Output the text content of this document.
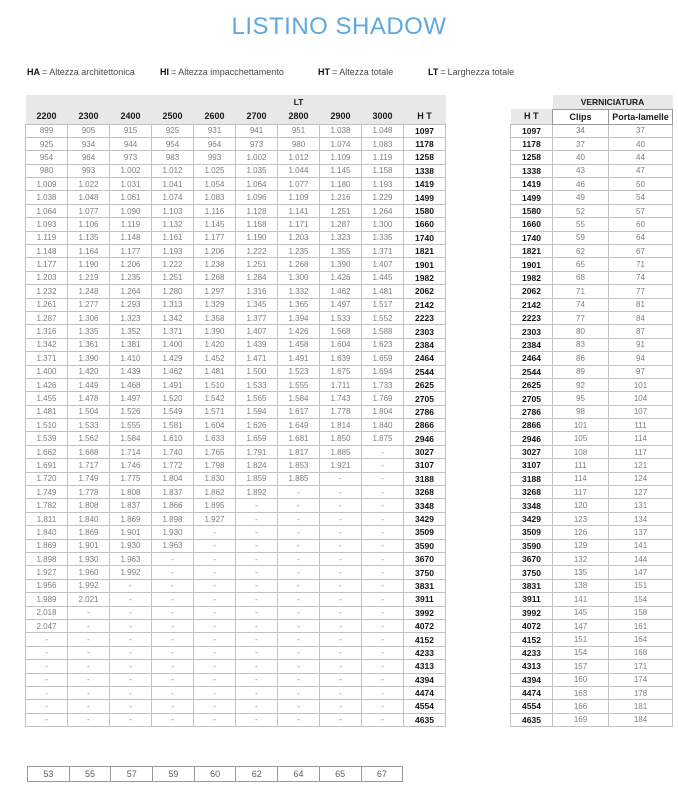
LISTINO SHADOW
HA = Altezza architettonica	HI = Altezza impacchettamento	HT = Altezza totale	LT = Larghezza totale
						LT			
2200	2300	2400	2500	2600	2700	2800	2900	3000	H T
899	905	915	925	931	941	951	1.038	1.048	1097
925	934	944	954	964	973	980	1.074	1.083	1178
954	964	973	983	993	1.002	1.012	1.109	1.119	1258
980	993	1.002	1.012	1.025	1.035	1.044	1.145	1.158	1338
1.009	1.022	1.031	1.041	1.054	1.064	1.077	1.180	1.193	1419
1.038	1.048	1.061	1.074	1.083	1.096	1.109	1.216	1.229	1499
1.064	1.077	1.090	1.103	1.116	1.128	1.141	1.251	1.264	1580
1.093	1.106	1.119	1.132	1.145	1.158	1.171	1.287	1.300	1660
1.119	1.135	1.148	1.161	1.177	1.190	1.203	1.323	1.335	1740
1.148	1.164	1.177	1.193	1.206	1.222	1.235	1.355	1.371	1821
1.177	1.190	1.206	1.222	1.238	1.251	1.268	1.390	1.407	1901
1.203	1.219	1.235	1.251	1.268	1.284	1.300	1.426	1.445	1982
1.232	1.248	1.264	1.280	1.297	1.316	1.332	1.462	1.481	2062
1.261	1.277	1.293	1.313	1.329	1.345	1.365	1.497	1.517	2142
1.287	1.306	1.323	1.342	1.358	1.377	1.394	1.533	1.552	2223
1.316	1.335	1.352	1.371	1.390	1.407	1.426	1.568	1.588	2303
1.342	1.361	1.381	1.400	1.420	1.439	1.458	1.604	1.623	2384
1.371	1.390	1.410	1.429	1.452	1.471	1.491	1.639	1.659	2464
1.400	1.420	1.439	1.462	1.481	1.500	1.523	1.675	1.694	2544
1.426	1.449	1.468	1.491	1.510	1.533	1.555	1.711	1.733	2625
1.455	1.478	1.497	1.520	1.542	1.565	1.584	1.743	1.769	2705
1.481	1.504	1.526	1.549	1.571	1.594	1.617	1.778	1.804	2786
1.510	1.533	1.555	1.581	1.604	1.626	1.649	1.814	1.840	2866
1.539	1.562	1.584	1.610	1.633	1.659	1.681	1.850	1.875	2946
1.662	1.688	1.714	1.740	1.765	1.791	1.817	1.885	-	3027
1.691	1.717	1.746	1.772	1.798	1.824	1.853	1.921	-	3107
1.720	1.749	1.775	1.804	1.830	1.859	1.885	-	-	3188
1.749	1.778	1.808	1.837	1.862	1.892	-	-	-	3268
1.782	1.808	1.837	1.866	1.895	-	-	-	-	3348
1.811	1.840	1.869	1.898	1.927	-	-	-	-	3429
1.840	1.869	1.901	1.930	-	-	-	-	-	3509
1.869	1.901	1.930	1.963	-	-	-	-	-	3590
1.898	1.930	1.963	-	-	-	-	-	-	3670
1.927	1.960	1.992	-	-	-	-	-	-	3750
1.956	1.992	-	-	-	-	-	-	-	3831
1.989	2.021	-	-	-	-	-	-	-	3911
2.018	-	-	-	-	-	-	-	-	3992
2.047	-	-	-	-	-	-	-	-	4072
-	-	-	-	-	-	-	-	-	4152
-	-	-	-	-	-	-	-	-	4233
-	-	-	-	-	-	-	-	-	4313
-	-	-	-	-	-	-	-	-	4394
-	-	-	-	-	-	-	-	-	4474
-	-	-	-	-	-	-	-	-	4554
-	-	-	-	-	-	-	-	-	4635
	VERNICIATURA	
H T	Clips	Porta-lamelle
1097	34	37
1178	37	40
1258	40	44
1338	43	47
1419	46	50
1499	49	54
1580	52	57
1660	55	60
1740	59	64
1821	62	67
1901	65	71
1982	68	74
2062	71	77
2142	74	81
2223	77	84
2303	80	87
2384	83	91
2464	86	94
2544	89	97
2625	92	101
2705	95	104
2786	98	107
2866	101	111
2946	105	114
3027	108	117
3107	111	121
3188	114	124
3268	117	127
3348	120	131
3429	123	134
3509	126	137
3590	129	141
3670	132	144
3750	135	147
3831	138	151
3911	141	154
3992	145	158
4072	147	161
4152	151	164
4233	154	168
4313	157	171
4394	160	174
4474	163	178
4554	166	181
4635	169	184
53	55	57	59	60	62	64	65	67
